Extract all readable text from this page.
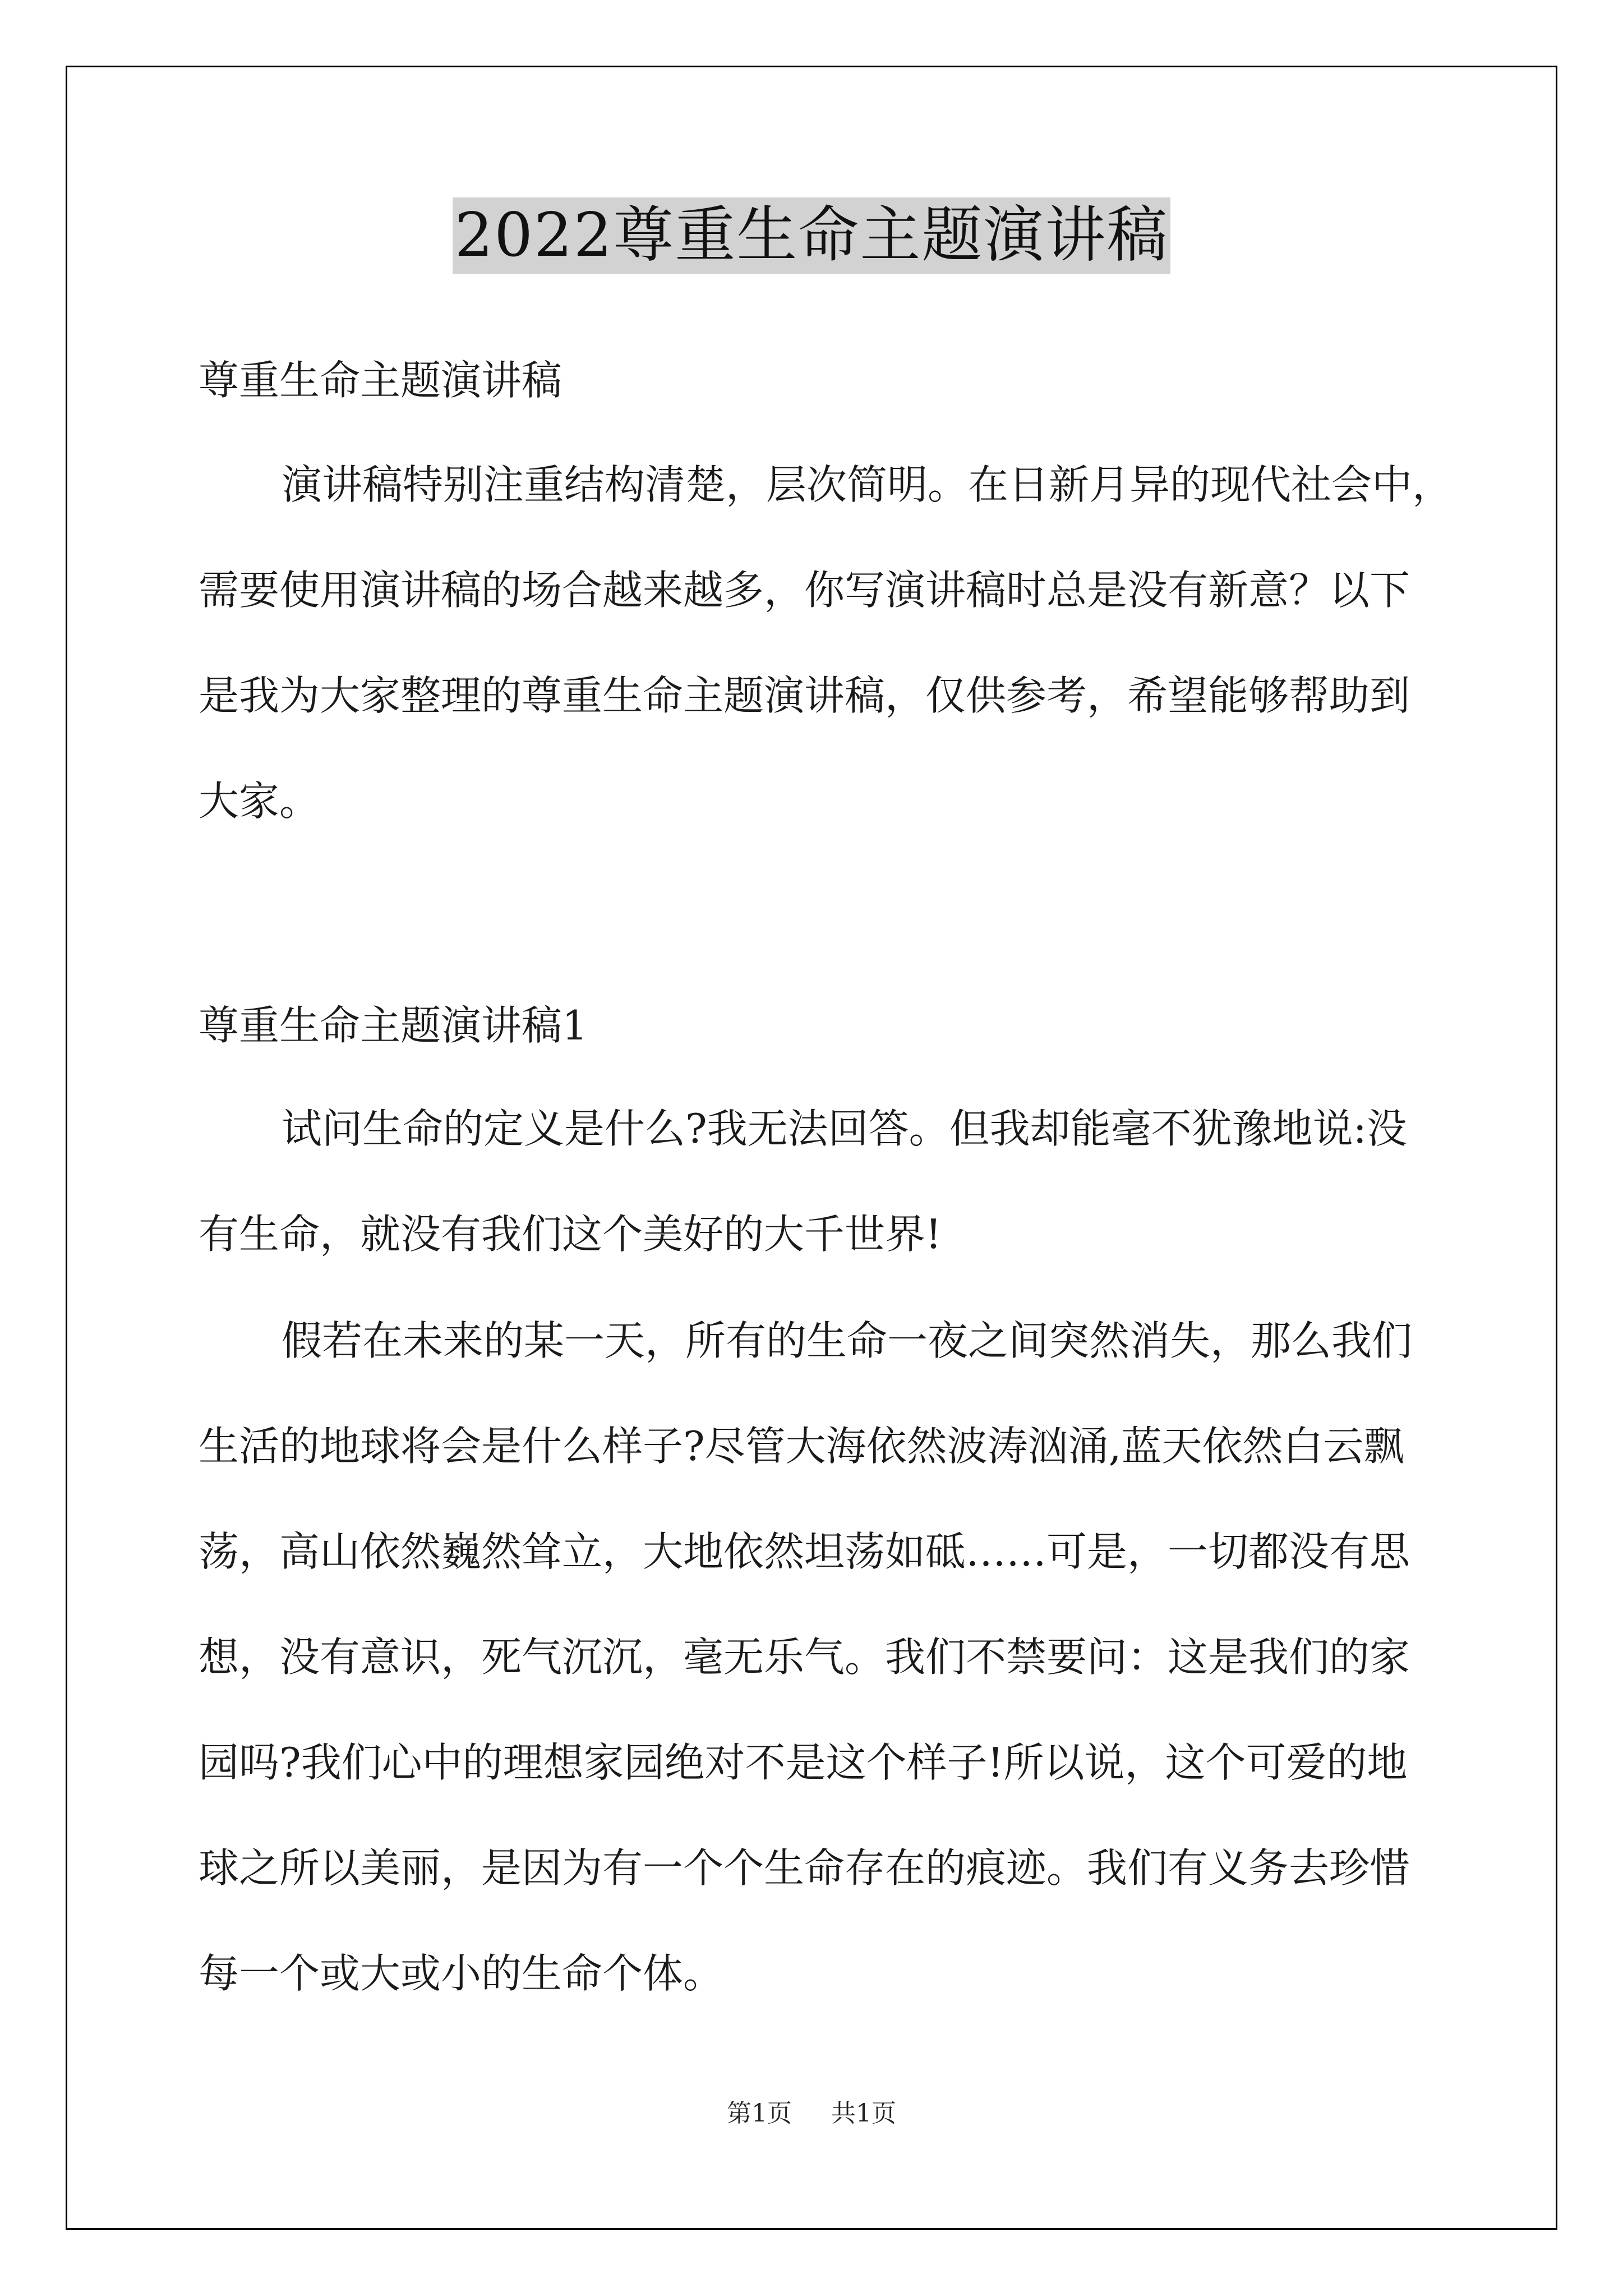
2022尊重生命主题演讲稿
尊重生命主题演讲稿
演讲稿特别注重结构清楚，层次简明。在日新月异的现代社会中，
需要使用演讲稿的场合越来越多，你写演讲稿时总是没有新意？以下
是我为大家整理的尊重生命主题演讲稿，仅供参考，希望能够帮助到
大家。
尊重生命主题演讲稿1
试问生命的定义是什么?我无法回答。但我却能毫不犹豫地说:没
有生命，就没有我们这个美好的大千世界!
假若在未来的某一天，所有的生命一夜之间突然消失，那么我们
生活的地球将会是什么样子?尽管大海依然波涛汹涌,蓝天依然白云飘
荡，高山依然巍然耸立，大地依然坦荡如砥……可是，一切都没有思
想，没有意识，死气沉沉，毫无乐气。我们不禁要问：这是我们的家
园吗?我们心中的理想家园绝对不是这个样子!所以说，这个可爱的地
球之所以美丽，是因为有一个个生命存在的痕迹。我们有义务去珍惜
每一个或大或小的生命个体。
第1页 共1页
